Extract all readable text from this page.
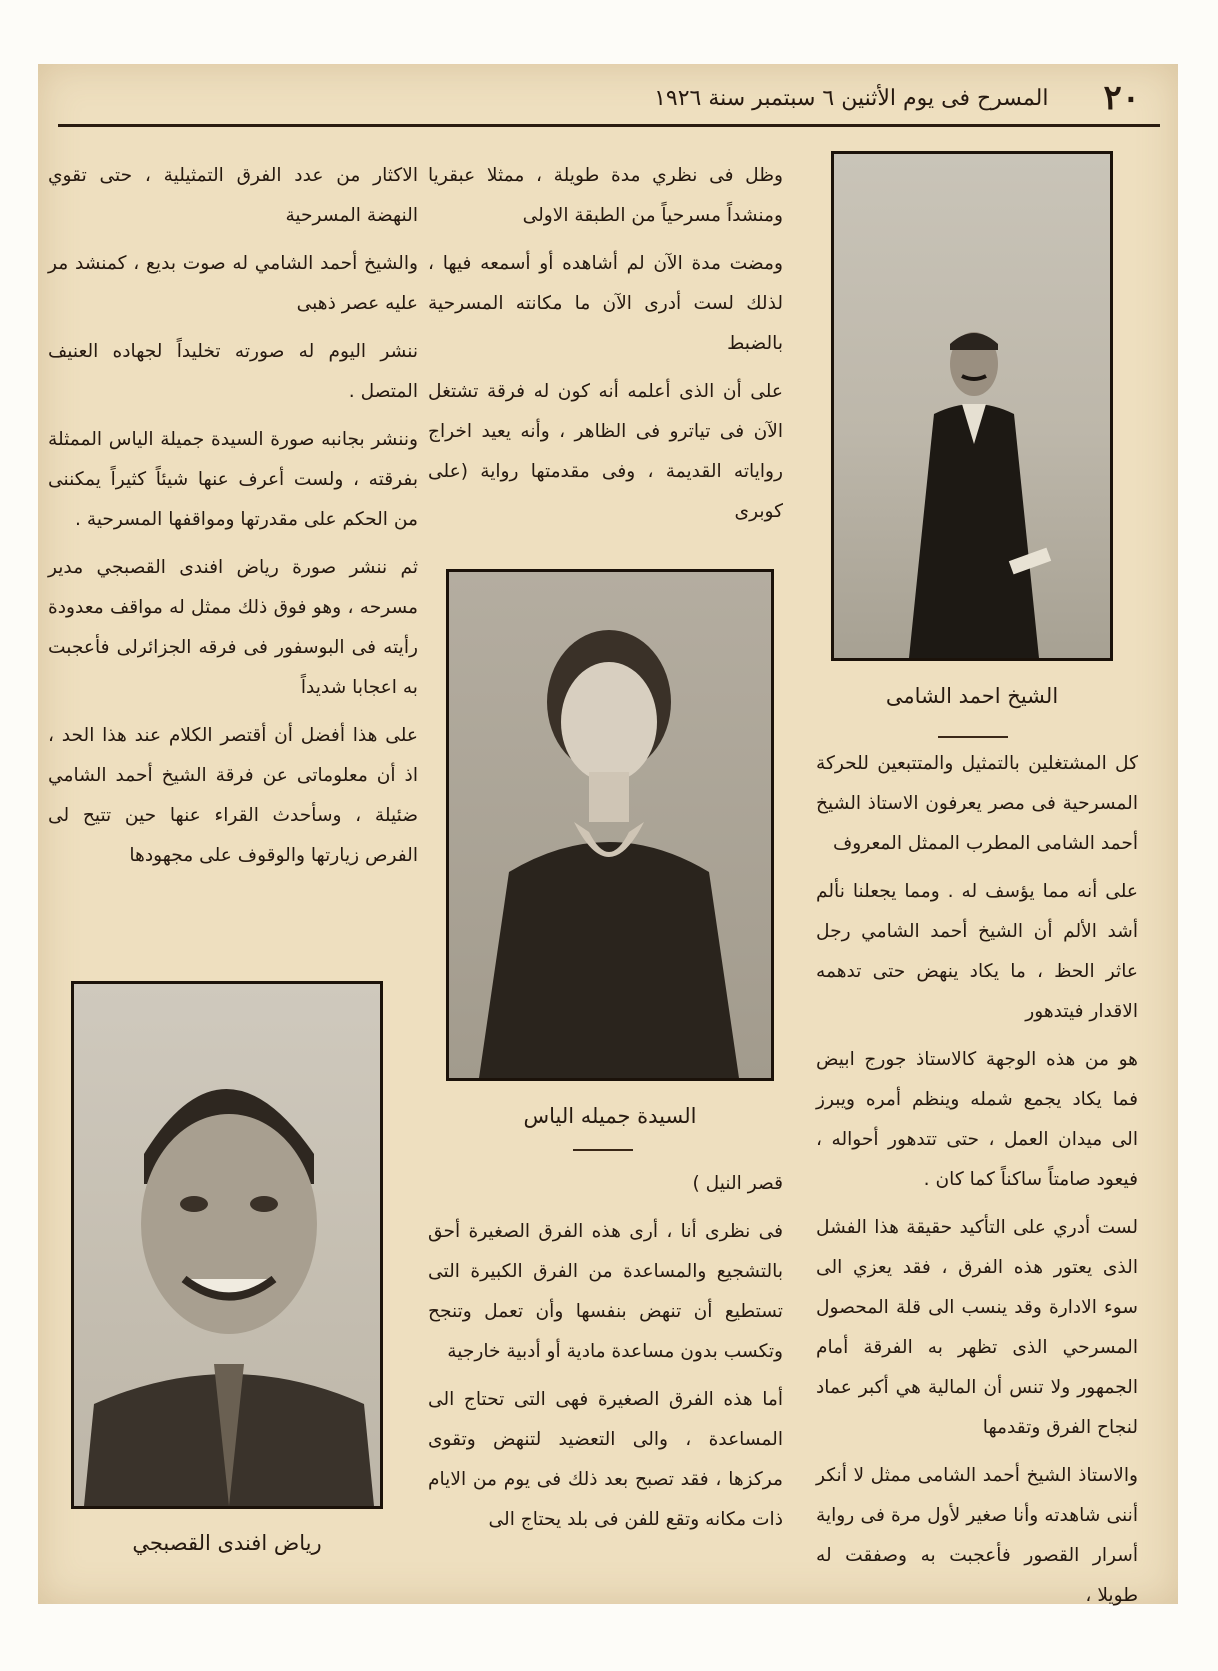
٢٠
المسرح فى يوم الأثنين ٦ سبتمبر سنة ١٩٢٦
الشيخ احمد الشامى

كل المشتغلين بالتمثيل والمتتبعين للحركة المسرحية فى مصر يعرفون الاستاذ الشيخ أحمد الشامى المطرب الممثل المعروف

على أنه مما يؤسف له . ومما يجعلنا نألم أشد الألم أن الشيخ أحمد الشامي رجل عاثر الحظ ، ما يكاد ينهض حتى تدهمه الاقدار فيتدهور

هو من هذه الوجهة كالاستاذ جورج ابيض فما يكاد يجمع شمله وينظم أمره ويبرز الى ميدان العمل ، حتى تتدهور أحواله ، فيعود صامتاً ساكناً كما كان .

لست أدري على التأكيد حقيقة هذا الفشل الذى يعتور هذه الفرق ، فقد يعزي الى سوء الادارة وقد ينسب الى قلة المحصول المسرحي الذى تظهر به الفرقة أمام الجمهور ولا تنس أن المالية هي أكبر عماد لنجاح الفرق وتقدمها

والاستاذ الشيخ أحمد الشامى ممثل لا أنكر أننى شاهدته وأنا صغير لأول مرة فى رواية أسرار القصور فأعجبت به وصفقت له طويلا ،

وظل فى نظري مدة طويلة ، ممثلا عبقريا ومنشداً مسرحياً من الطبقة الاولى

ومضت مدة الآن لم أشاهده أو أسمعه فيها ، لذلك لست أدرى الآن ما مكانته المسرحية بالضبط

على أن الذى أعلمه أنه كون له فرقة تشتغل الآن فى تياترو فى الظاهر ، وأنه يعيد اخراج رواياته القديمة ، وفى مقدمتها رواية (على كوبرى

السيدة جميله الياس

قصر النيل )

فى نظرى أنا ، أرى هذه الفرق الصغيرة أحق بالتشجيع والمساعدة من الفرق الكبيرة التى تستطيع أن تنهض بنفسها وأن تعمل وتنجح وتكسب بدون مساعدة مادية أو أدبية خارجية

أما هذه الفرق الصغيرة فهى التى تحتاج الى المساعدة ، والى التعضيد لتنهض وتقوى مركزها ، فقد تصبح بعد ذلك فى يوم من الايام ذات مكانه وتقع للفن فى بلد يحتاج الى

الاكثار من عدد الفرق التمثيلية ، حتى تقوي النهضة المسرحية

والشيخ أحمد الشامي له صوت بديع ، كمنشد مر عليه عصر ذهبى

ننشر اليوم له صورته تخليداً لجهاده العنيف المتصل .

وننشر بجانبه صورة السيدة جميلة الياس الممثلة بفرقته ، ولست أعرف عنها شيئاً كثيراً يمكننى من الحكم على مقدرتها ومواقفها المسرحية .

ثم ننشر صورة رياض افندى القصبجي مدير مسرحه ، وهو فوق ذلك ممثل له مواقف معدودة رأيته فى البوسفور فى فرقه الجزائرلى فأعجبت به اعجابا شديداً

على هذا أفضل أن أقتصر الكلام عند هذا الحد ، اذ أن معلوماتى عن فرقة الشيخ أحمد الشامي ضئيلة ، وسأحدث القراء عنها حين تتيح لى الفرص زيارتها والوقوف على مجهودها

رياض افندى القصبجي
